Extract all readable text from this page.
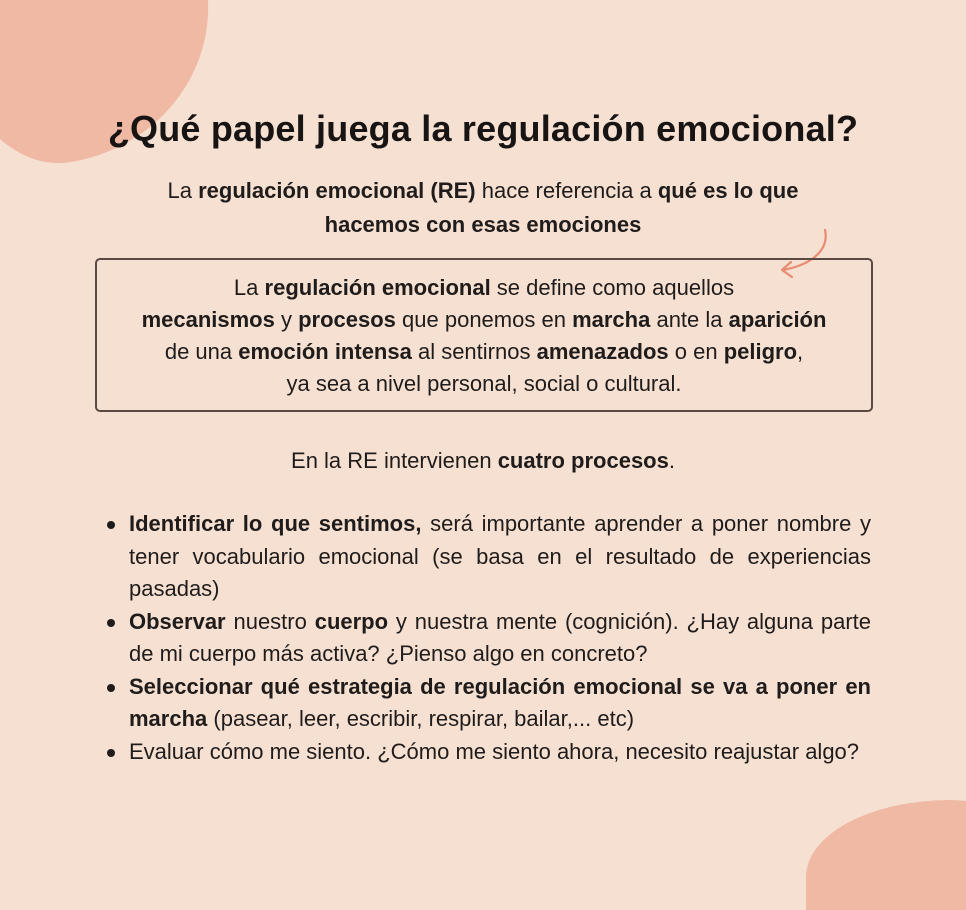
¿Qué papel juega la regulación emocional?
La regulación emocional (RE) hace referencia a qué es lo que
hacemos con esas emociones
La regulación emocional se define como aquellos
mecanismos y procesos que ponemos en marcha ante la aparición
de una emoción intensa al sentirnos amenazados o en peligro,
ya sea a nivel personal, social o cultural.
En la RE intervienen cuatro procesos.
Identificar lo que sentimos, será importante aprender a poner nombre y tener vocabulario emocional (se basa en el resultado de experiencias pasadas)
Observar nuestro cuerpo y nuestra mente (cognición). ¿Hay alguna parte de mi cuerpo más activa? ¿Pienso algo en concreto?
Seleccionar qué estrategia de regulación emocional se va a poner en marcha (pasear, leer, escribir, respirar, bailar,... etc)
Evaluar cómo me siento. ¿Cómo me siento ahora, necesito reajustar algo?
